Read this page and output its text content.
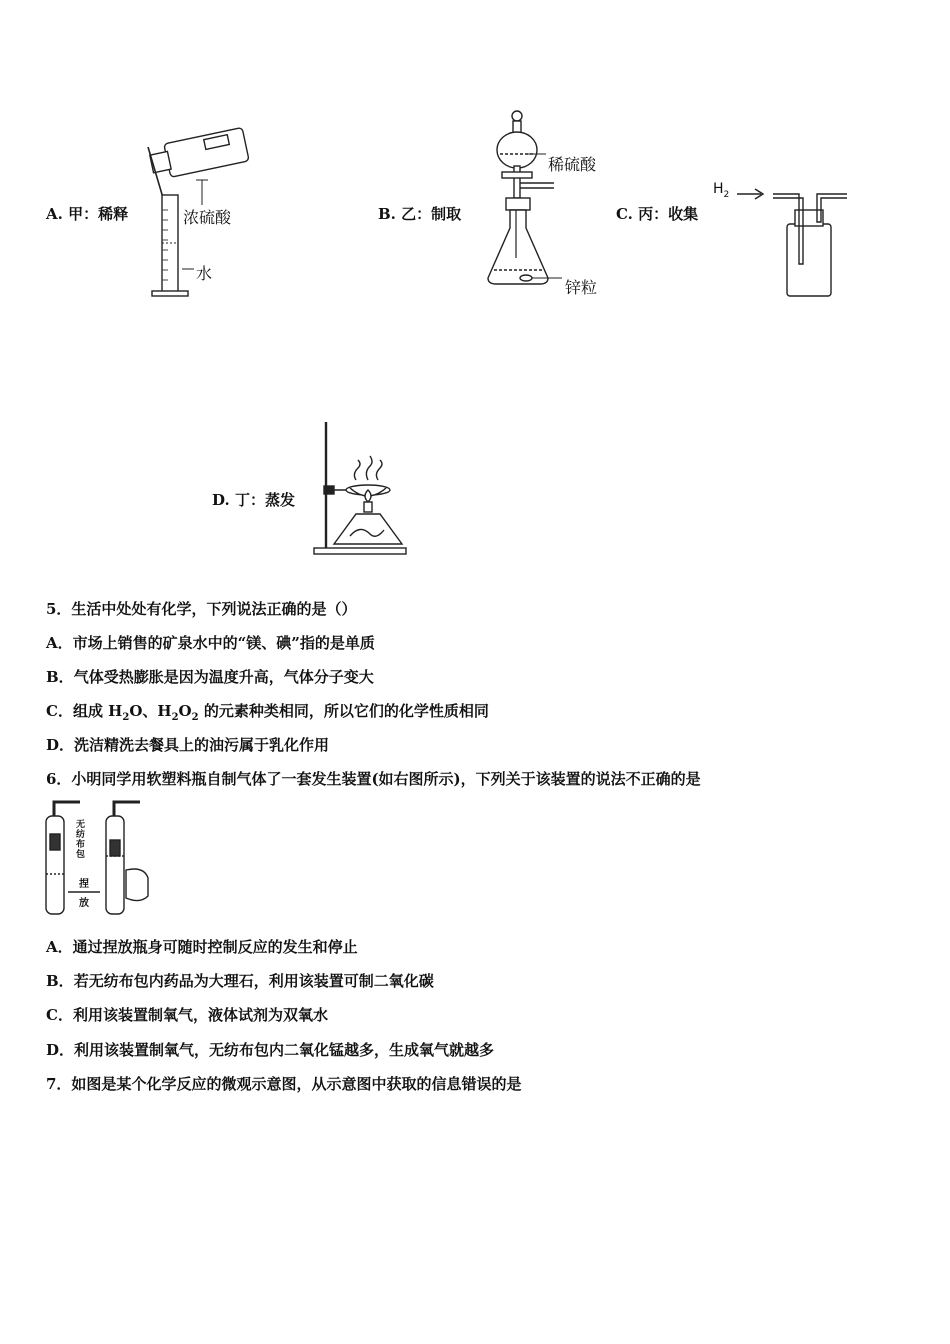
A. 甲：稀释	浓硫酸
水
B. 乙：制取
稀硫酸
锌粒
C. 丙：收集
$H_2$
D. 丁：蒸发
5．生活中处处有化学，下列说法正确的是（）
A．市场上销售的矿泉水中的“镁、碘”指的是单质
B．气体受热膨胀是因为温度升高，气体分子变大
C．组成 $H_2O$、$H_2O_2$ 的元素种类相同，所以它们的化学性质相同
D．洗洁精洗去餐具上的油污属于乳化作用
6．小明同学用软塑料瓶自制气体了一套发生装置(如右图所示)，下列关于该装置的说法不正确的是
无纺布包
捏
放
A．通过捏放瓶身可随时控制反应的发生和停止
B．若无纺布包内药品为大理石，利用该装置可制二氧化碳
C．利用该装置制氧气，液体试剂为双氧水
D．利用该装置制氧气，无纺布包内二氧化锰越多，生成氧气就越多
7．如图是某个化学反应的微观示意图，从示意图中获取的信息错误的是
